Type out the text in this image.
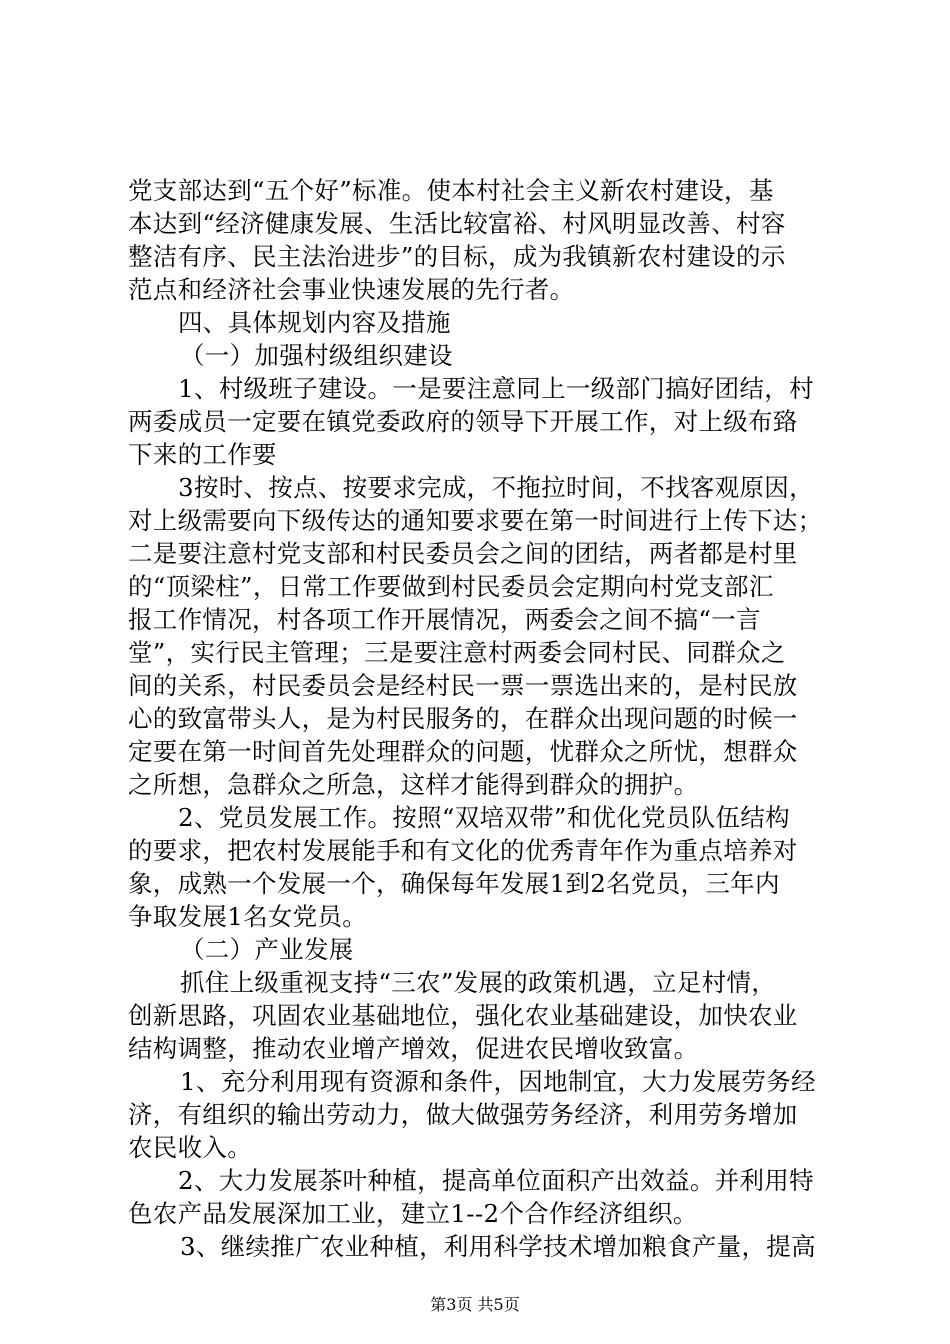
党支部达到“五个好”标准。使本村社会主义新农村建设，基
本达到“经济健康发展、生活比较富裕、村风明显改善、村容
整洁有序、民主法治进步”的目标，成为我镇新农村建设的示
范点和经济社会事业快速发展的先行者。
四、具体规划内容及措施
（一）加强村级组织建设
1、村级班子建设。一是要注意同上一级部门搞好团结，村
两委成员一定要在镇党委政府的领导下开展工作，对上级布臵
下来的工作要
3按时、按点、按要求完成，不拖拉时间，不找客观原因，
对上级需要向下级传达的通知要求要在第一时间进行上传下达；
二是要注意村党支部和村民委员会之间的团结，两者都是村里
的“顶梁柱”，日常工作要做到村民委员会定期向村党支部汇
报工作情况，村各项工作开展情况，两委会之间不搞“一言
堂”，实行民主管理；三是要注意村两委会同村民、同群众之
间的关系，村民委员会是经村民一票一票选出来的，是村民放
心的致富带头人，是为村民服务的，在群众出现问题的时候一
定要在第一时间首先处理群众的问题，忧群众之所忧，想群众
之所想，急群众之所急，这样才能得到群众的拥护。
2、党员发展工作。按照“双培双带”和优化党员队伍结构
的要求，把农村发展能手和有文化的优秀青年作为重点培养对
象，成熟一个发展一个，确保每年发展1到2名党员，三年内
争取发展1名女党员。
（二）产业发展
抓住上级重视支持“三农”发展的政策机遇，立足村情，
创新思路，巩固农业基础地位，强化农业基础建设，加快农业
结构调整，推动农业增产增效，促进农民增收致富。
1、充分利用现有资源和条件，因地制宜，大力发展劳务经
济，有组织的输出劳动力，做大做强劳务经济，利用劳务增加
农民收入。
2、大力发展茶叶种植，提高单位面积产出效益。并利用特
色农产品发展深加工业，建立1--2个合作经济组织。
3、继续推广农业种植，利用科学技术增加粮食产量，提高
第3页 共5页
